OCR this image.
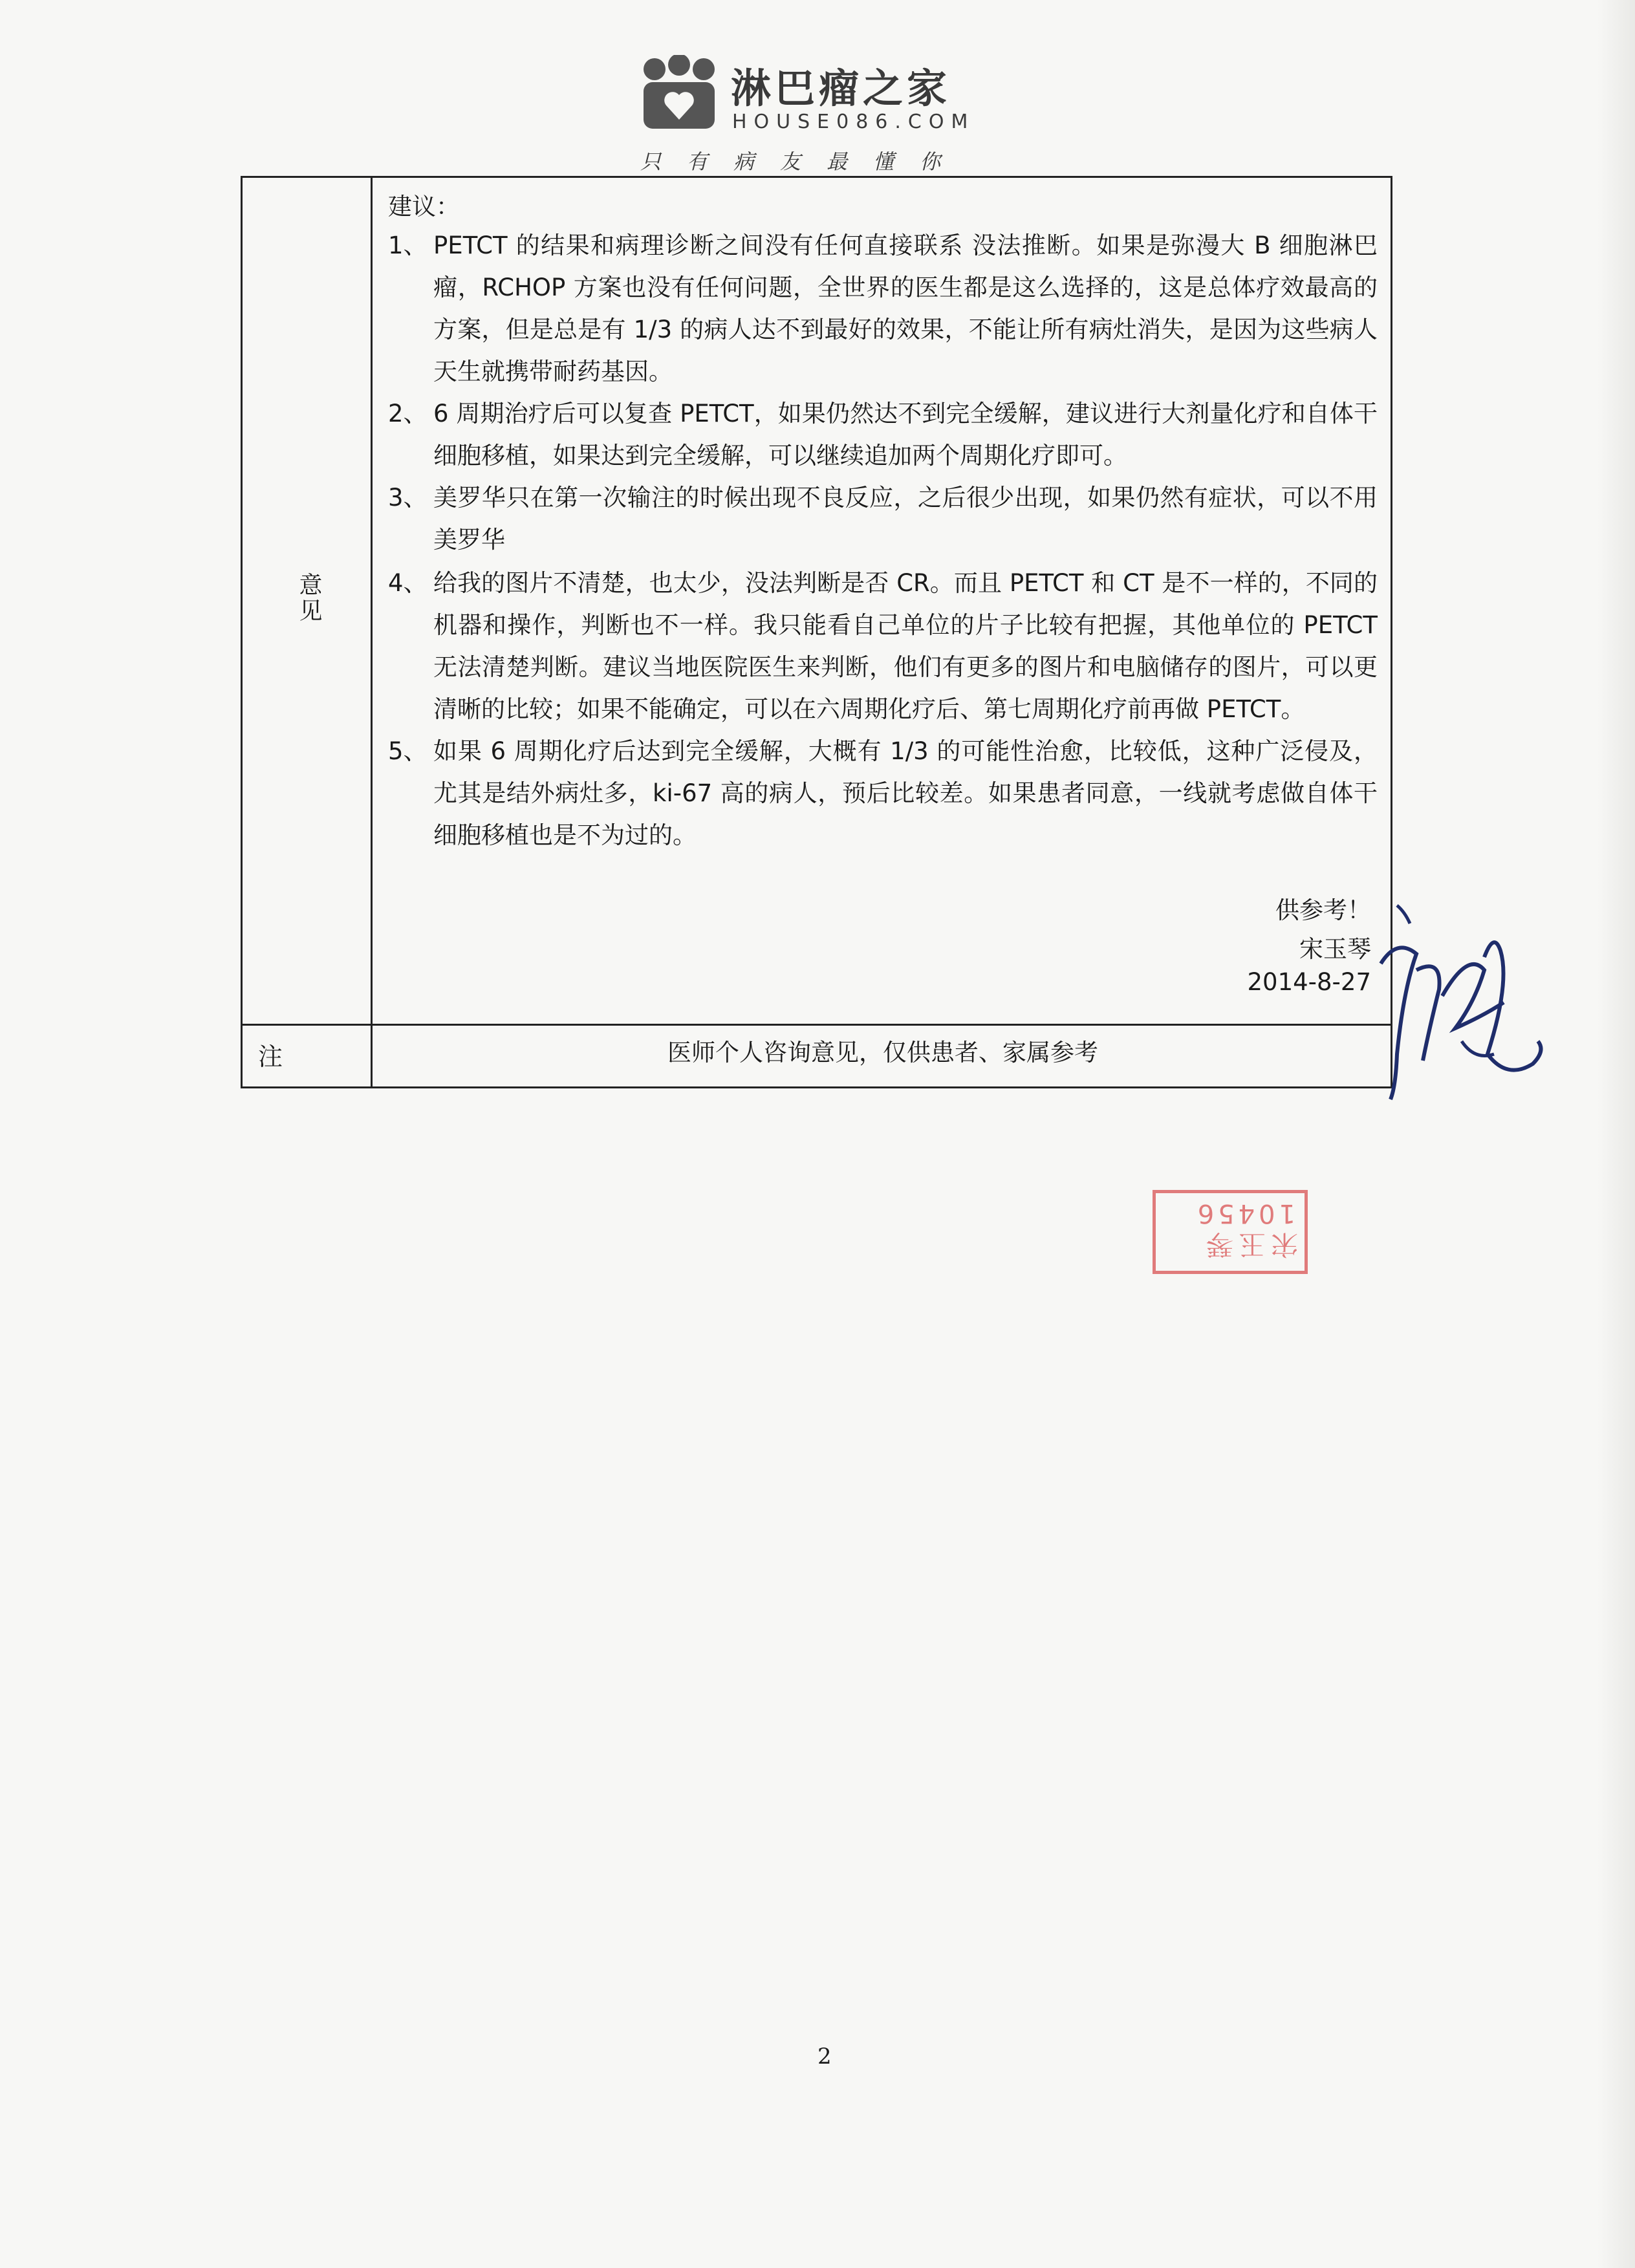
淋巴瘤之家
HOUSE086.COM
只有病友最懂你
意见
注
建议：
1、 PETCT 的结果和病理诊断之间没有任何直接联系 没法推断。如果是弥漫大 B 细胞淋巴瘤，RCHOP 方案也没有任何问题，全世界的医生都是这么选择的，这是总体疗效最高的方案，但是总是有 1/3 的病人达不到最好的效果，不能让所有病灶消失，是因为这些病人天生就携带耐药基因。
2、 6 周期治疗后可以复查 PETCT，如果仍然达不到完全缓解，建议进行大剂量化疗和自体干细胞移植，如果达到完全缓解，可以继续追加两个周期化疗即可。
3、 美罗华只在第一次输注的时候出现不良反应，之后很少出现，如果仍然有症状，可以不用美罗华
4、 给我的图片不清楚，也太少，没法判断是否 CR。而且 PETCT 和 CT 是不一样的，不同的机器和操作，判断也不一样。我只能看自己单位的片子比较有把握，其他单位的 PETCT 无法清楚判断。建议当地医院医生来判断，他们有更多的图片和电脑储存的图片，可以更清晰的比较；如果不能确定，可以在六周期化疗后、第七周期化疗前再做 PETCT。
5、 如果 6 周期化疗后达到完全缓解，大概有 1/3 的可能性治愈，比较低，这种广泛侵及，尤其是结外病灶多，ki-67 高的病人，预后比较差。如果患者同意，一线就考虑做自体干细胞移植也是不为过的。
供参考！
宋玉琴
2014-8-27
医师个人咨询意见，仅供患者、家属参考
宋玉琴
10456
2
